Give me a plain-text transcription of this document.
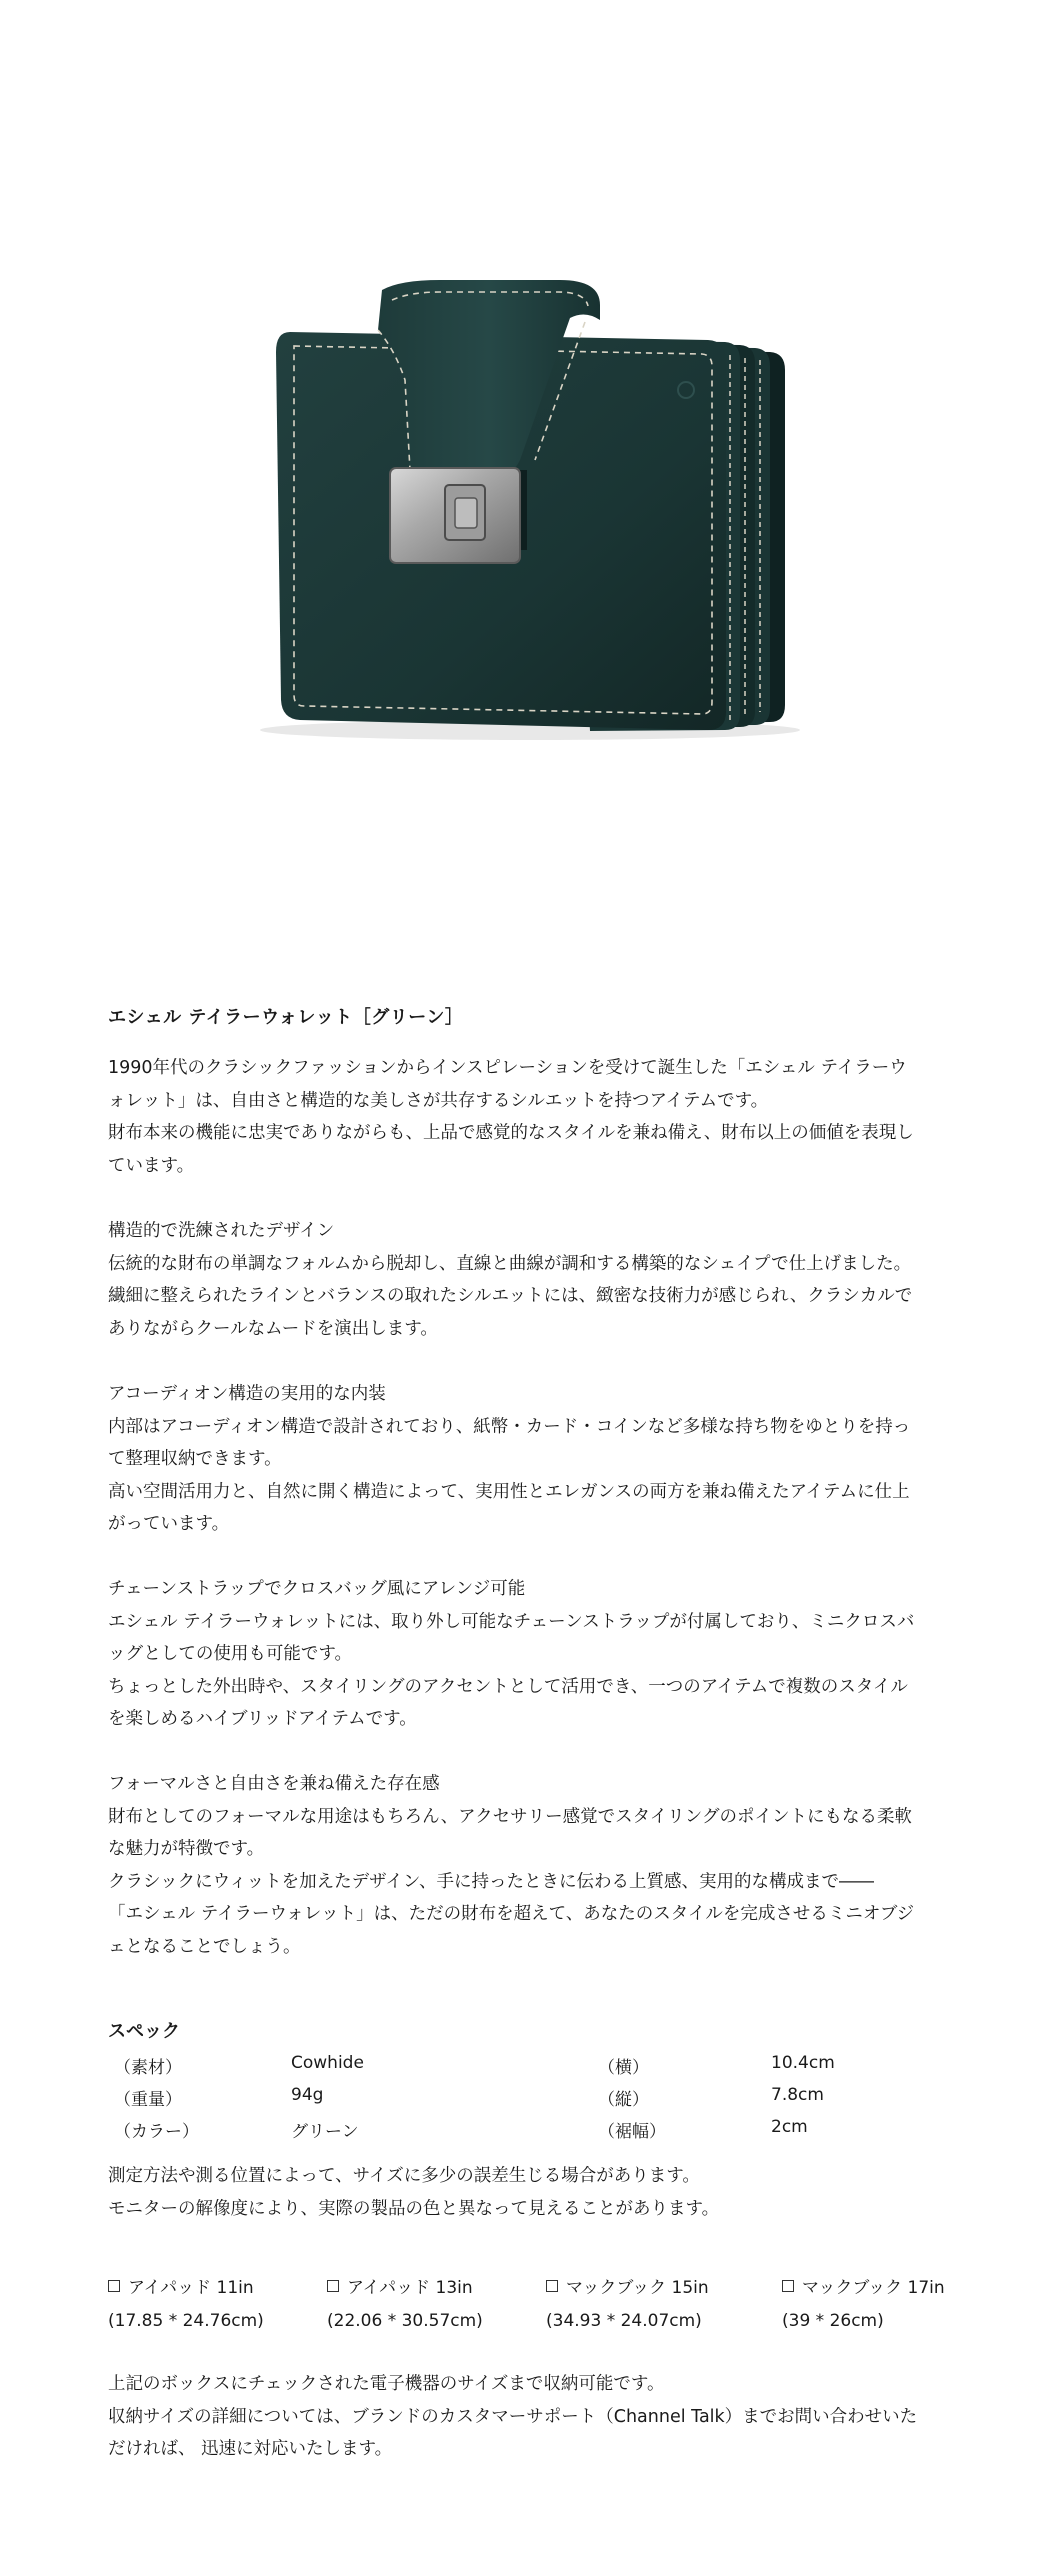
エシェル テイラーウォレット［グリーン］

1990年代のクラシックファッションからインスピレーションを受けて誕生した「エシェル テイラーウ

ォレット」は、自由さと構造的な美しさが共存するシルエットを持つアイテムです。

財布本来の機能に忠実でありながらも、上品で感覚的なスタイルを兼ね備え、財布以上の価値を表現し

ています。

構造的で洗練されたデザイン

伝統的な財布の単調なフォルムから脱却し、直線と曲線が調和する構築的なシェイプで仕上げました。

繊細に整えられたラインとバランスの取れたシルエットには、緻密な技術力が感じられ、クラシカルで

ありながらクールなムードを演出します。

アコーディオン構造の実用的な内装

内部はアコーディオン構造で設計されており、紙幣・カード・コインなど多様な持ち物をゆとりを持っ

て整理収納できます。

高い空間活用力と、自然に開く構造によって、実用性とエレガンスの両方を兼ね備えたアイテムに仕上

がっています。

チェーンストラップでクロスバッグ風にアレンジ可能

エシェル テイラーウォレットには、取り外し可能なチェーンストラップが付属しており、ミニクロスバ

ッグとしての使用も可能です。

ちょっとした外出時や、スタイリングのアクセントとして活用でき、一つのアイテムで複数のスタイル

を楽しめるハイブリッドアイテムです。

フォーマルさと自由さを兼ね備えた存在感

財布としてのフォーマルな用途はもちろん、アクセサリー感覚でスタイリングのポイントにもなる柔軟

な魅力が特徴です。

クラシックにウィットを加えたデザイン、手に持ったときに伝わる上質感、実用的な構成まで――

「エシェル テイラーウォレット」は、ただの財布を超えて、あなたのスタイルを完成させるミニオブジ

ェとなることでしょう。

スペック
（素材）	Cowhide	（横）	10.4cm
（重量）	94g	（縦）	7.8cm
（カラー）	グリーン	（裾幅）	2cm

測定方法や測る位置によって、サイズに多少の誤差生じる場合があります。

モニターの解像度により、実際の製品の色と異なって見えることがあります。

アイパッド 11in
(17.85 * 24.76cm)
アイパッド 13in
(22.06 * 30.57cm)
マックブック 15in
(34.93 * 24.07cm)
マックブック 17in
(39 * 26cm)

上記のボックスにチェックされた電子機器のサイズまで収納可能です。

収納サイズの詳細については、ブランドのカスタマーサポート（Channel Talk）までお問い合わせいた

だければ、 迅速に対応いたします。
